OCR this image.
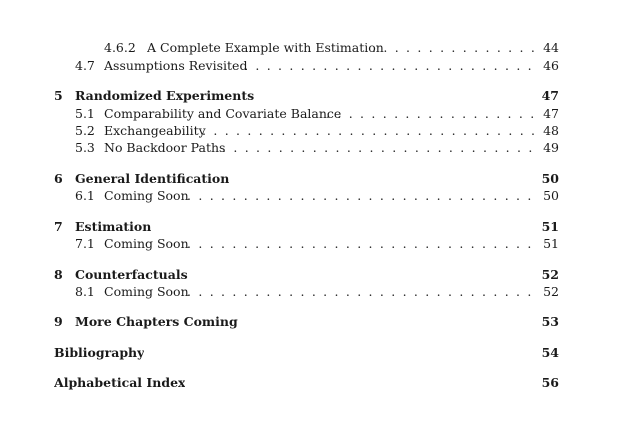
4.6.2 A Complete Example with Estimation . . .	44
4.7 Assumptions Revisited . . .	46
5 Randomized Experiments	47
5.1 Comparability and Covariate Balance . . .	47
5.2 Exchangeability . . .	48
5.3 No Backdoor Paths . . .	49
6 General Identification	50
6.1 Coming Soon . . .	50
7 Estimation	51
7.1 Coming Soon . . .	51
8 Counterfactuals	52
8.1 Coming Soon . . .	52
9 More Chapters Coming	53
Bibliography	54
Alphabetical Index	56
